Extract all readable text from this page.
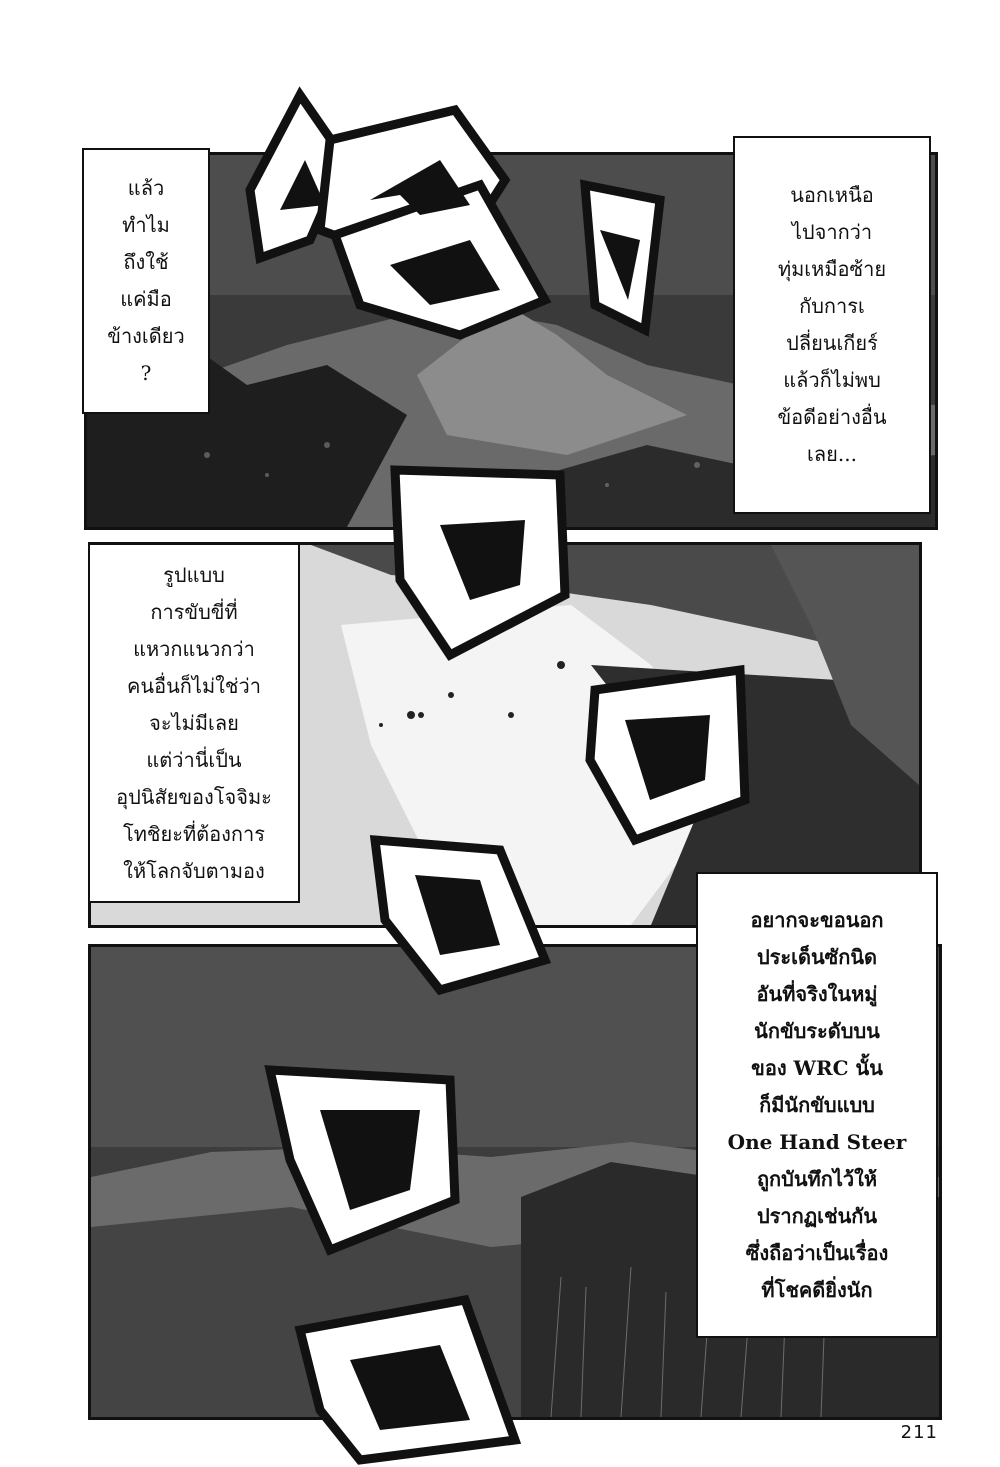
แล้ว
ทำไม
ถึงใช้
แค่มือ
ข้างเดียว
?
นอกเหนือ
ไปจากว่า
ทุ่มเหมือซ้าย
กับการเ
ปลี่ยนเกียร์
แล้วก็ไม่พบ
ข้อดีอย่างอื่น
เลย...
รูปแบบ
การขับขี่ที่
แหวกแนวกว่า
คนอื่นก็ไม่ใช่ว่า
จะไม่มีเลย
แต่ว่านี่เป็น
อุปนิสัยของโจจิมะ
โทชิยะที่ต้องการ
ให้โลกจับตามอง
อยากจะขอนอก
ประเด็นซักนิด
อันที่จริงในหมู่
นักขับระดับบน
ของ WRC นั้น
ก็มีนักขับแบบ
One Hand Steer
ถูกบันทึกไว้ให้
ปรากฏเช่นกัน
ซึ่งถือว่าเป็นเรื่อง
ที่โชคดียิ่งนัก
211
